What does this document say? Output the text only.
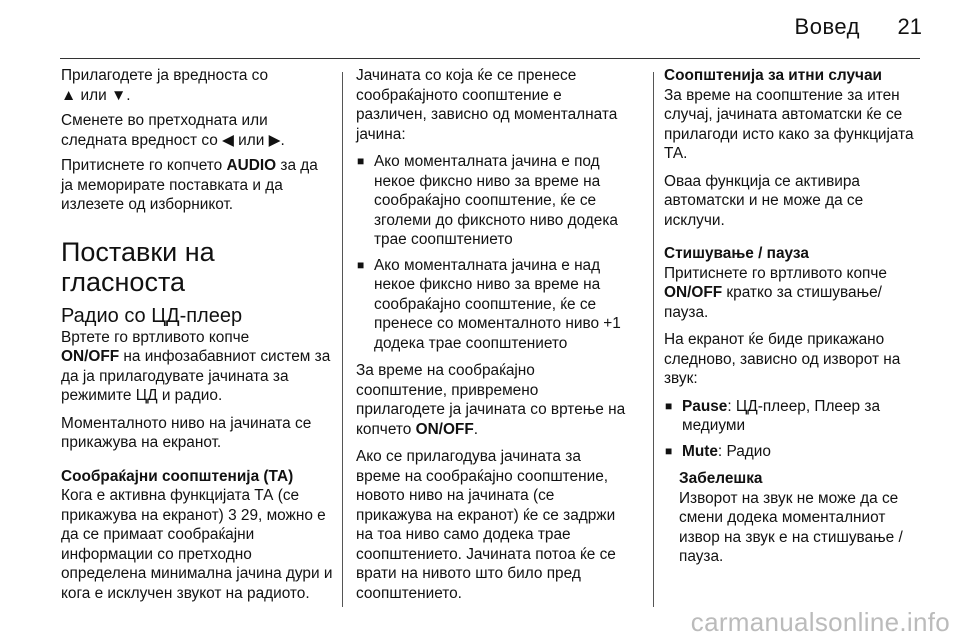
Вовед 21

Прилагодете ја вредноста со
▲ или ▼.

Сменете во претходната или следната вредност со ◀ или ▶.

Притиснете го копчето AUDIO за да ја меморирате поставката и да излезете од изборникот.

Поставки на гласноста
Радио со ЦД-плеер

Вртете го вртливото копче
ON/OFF на инфозабавниот систем за да ја прилагодувате јачината за режимите ЦД и радио.

Моменталното ниво на јачината се прикажува на екранот.

Сообраќајни соопштенија (ТА)

Кога е активна функцијата ТА (се прикажува на екранот) 3 29, можно е да се примаат сообраќајни информации со претходно определена минимална јачина дури и кога е исклучен звукот на радиото.

Јачината со која ќе се пренесе сообраќајното соопштение е различен, зависно од моменталната јачина:

■ Ако моменталната јачина е под некое фиксно ниво за време на сообраќајно соопштение, ќе се зголеми до фиксното ниво додека трае соопштението
■ Ако моменталната јачина е над некое фиксно ниво за време на сообраќајно соопштение, ќе се пренесе со моменталното ниво +1 додека трае соопштението

За време на сообраќајно соопштение, привремено прилагодете ја јачината со вртење на копчето ON/OFF.

Ако се прилагодува јачината за време на сообраќајно соопштение, новото ниво на јачината (се прикажува на екранот) ќе се задржи на тоа ниво само додека трае соопштението. Јачината потоа ќе се врати на нивото што било пред соопштението.

Соопштенија за итни случаи

За време на соопштение за итен случај, јачината автоматски ќе се прилагоди исто како за функцијата ТА.

Оваа функција се активира автоматски и не може да се исклучи.

Стишување / пауза

Притиснете го вртливото копче
ON/OFF кратко за стишување/пауза.

На екранот ќе биде прикажано следново, зависно од изворот на звук:

■ Pause: ЦД-плеер, Плеер за медиуми
■ Mute: Радио
Забелешка
Изворот на звук не може да се смени додека моменталниот извор на звук е на стишување / пауза.
carmanualsonline.info
